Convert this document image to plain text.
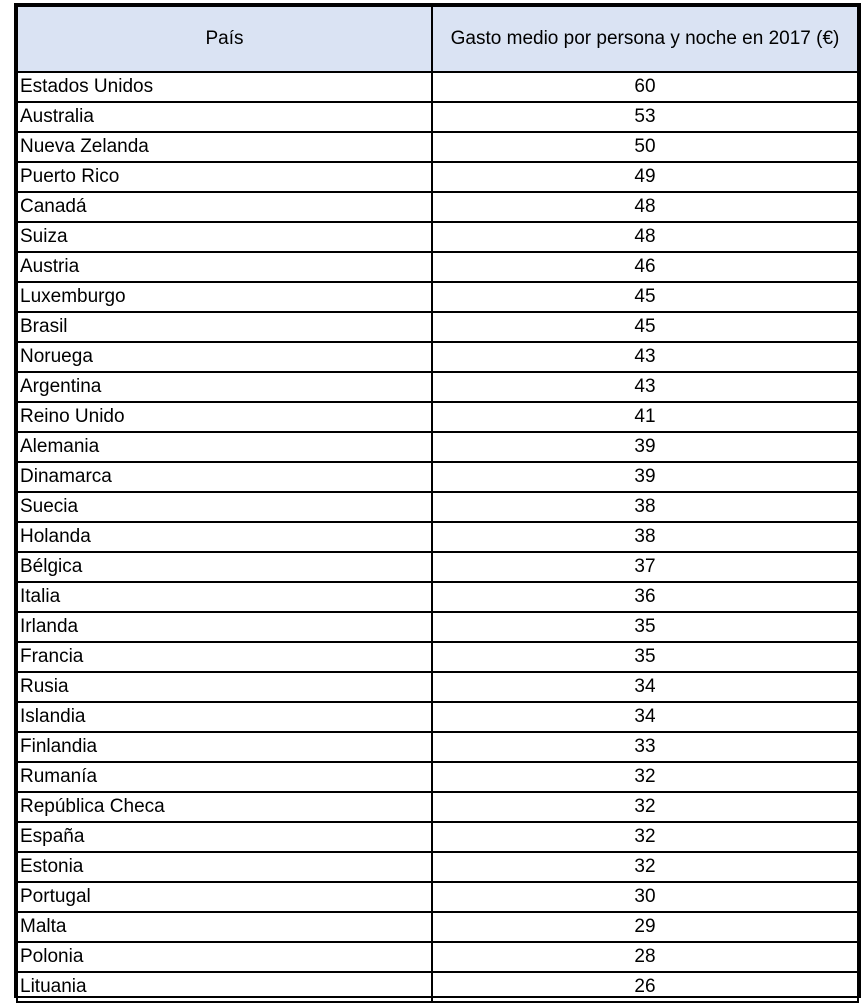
País	Gasto medio por persona y noche en 2017 (€)
Estados Unidos	60
Australia	53
Nueva Zelanda	50
Puerto Rico	49
Canadá	48
Suiza	48
Austria	46
Luxemburgo	45
Brasil	45
Noruega	43
Argentina	43
Reino Unido	41
Alemania	39
Dinamarca	39
Suecia	38
Holanda	38
Bélgica	37
Italia	36
Irlanda	35
Francia	35
Rusia	34
Islandia	34
Finlandia	33
Rumanía	32
República Checa	32
España	32
Estonia	32
Portugal	30
Malta	29
Polonia	28
Lituania	26
